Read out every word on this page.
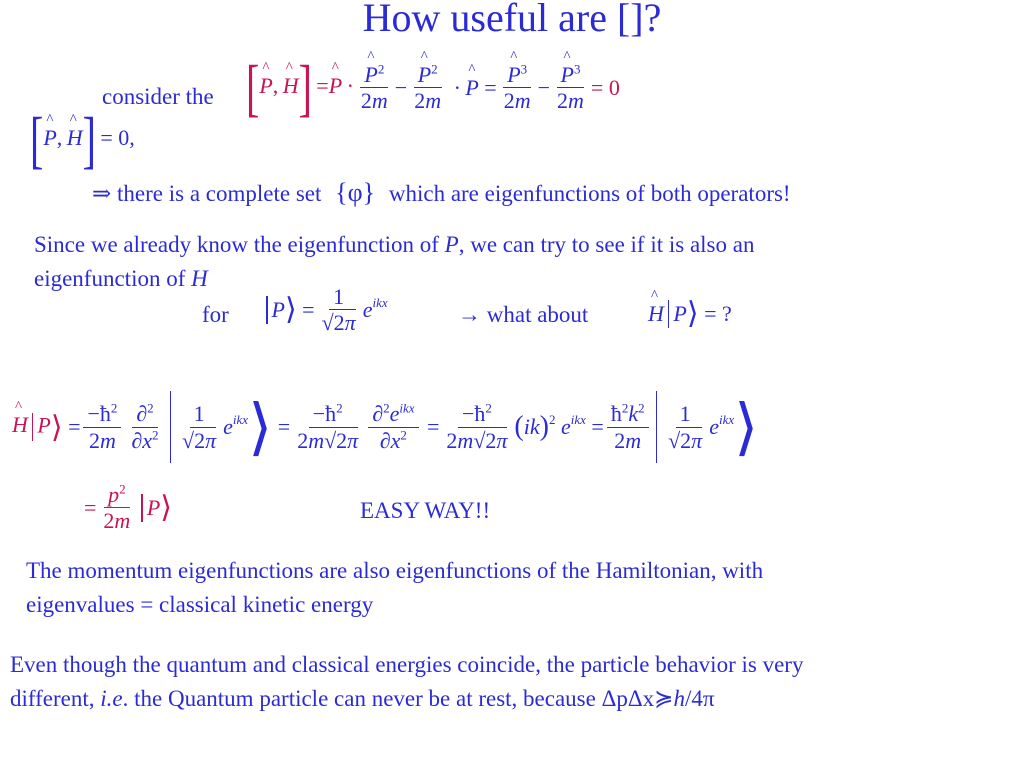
How useful are []?
consider the [^ P, ^ H] =^ P · ^ $\frac{P^2}{2m}$ − ^ $\frac{P^2}{2m}$ · ^ P = ^ $\frac{P^3}{2m}$ − ^ $\frac{P^3}{2m} = 0$
[^ P, ^ H]  = 0,
⇒ there is a complete set {φ} which are eigenfunctions of both operators!
Since we already know the eigenfunction of P, we can try to see if it is also an
eigenfunction of H
for P ⟩ = $\frac{1}{√2\pi}$ e $^{ikx}$	→ what about	^ H P ⟩
= ?
^ H P⟩ = $\frac{-ħ^2}{2m} \frac{\partial^2}{\partial x^2} \frac{1}{√2\pi}$ e $^{ikx}$ ⟩ = $\frac{-ħ^2}{2m√2\pi} \frac{\partial^2e^{ikx}}{\partial x^2} = \frac{-ħ^2}{2m√2\pi}$ ( ik )$^2$
e $^{ikx} = \frac{ħ^2k^2}{2m} \frac{1}{√2\pi}$ e $^{ikx}$ ⟩
= $\frac{p^2}{2m}$ P ⟩	EASY WAY!!
The momentum eigenfunctions are also eigenfunctions of the Hamiltonian, with
eigenvalues = classical kinetic energy
Even though the quantum and classical energies coincide, the particle behavior is very
different, i.e. the Quantum particle can never be at rest, because ΔpΔx≽h/4π
